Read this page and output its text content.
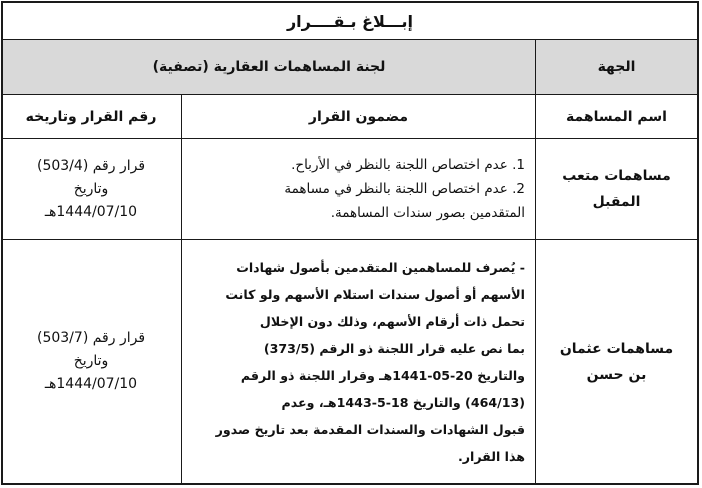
إبـــلاغ بـقــــرار
الجهة
لجنة المساهمات العقارية (تصفية)
اسم المساهمة
مضمون القرار
رقم القرار وتاريخه
مساهمات متعب
المقبل
1. عدم اختصاص اللجنة بالنظر في الأرباح.
2. عدم اختصاص اللجنة بالنظر في مساهمة
المتقدمين بصور سندات المساهمة.
قرار رقم (503/4)
وتاريخ
1444/07/10هـ
مساهمات عثمان
بن حسن
- يُصرف للمساهمين المتقدمين بأصول شهادات
الأسهم أو أصول سندات استلام الأسهم ولو كانت
تحمل ذات أرقام الأسهم، وذلك دون الإخلال
بما نص عليه قرار اللجنة ذو الرقم (373/5)
والتاريخ 20-05-1441هـ وقرار اللجنة ذو الرقم
(464/13) والتاريخ 18-5-1443هـ، وعدم
قبول الشهادات والسندات المقدمة بعد تاريخ صدور
هذا القرار.
قرار رقم (503/7)
وتاريخ
1444/07/10هـ
